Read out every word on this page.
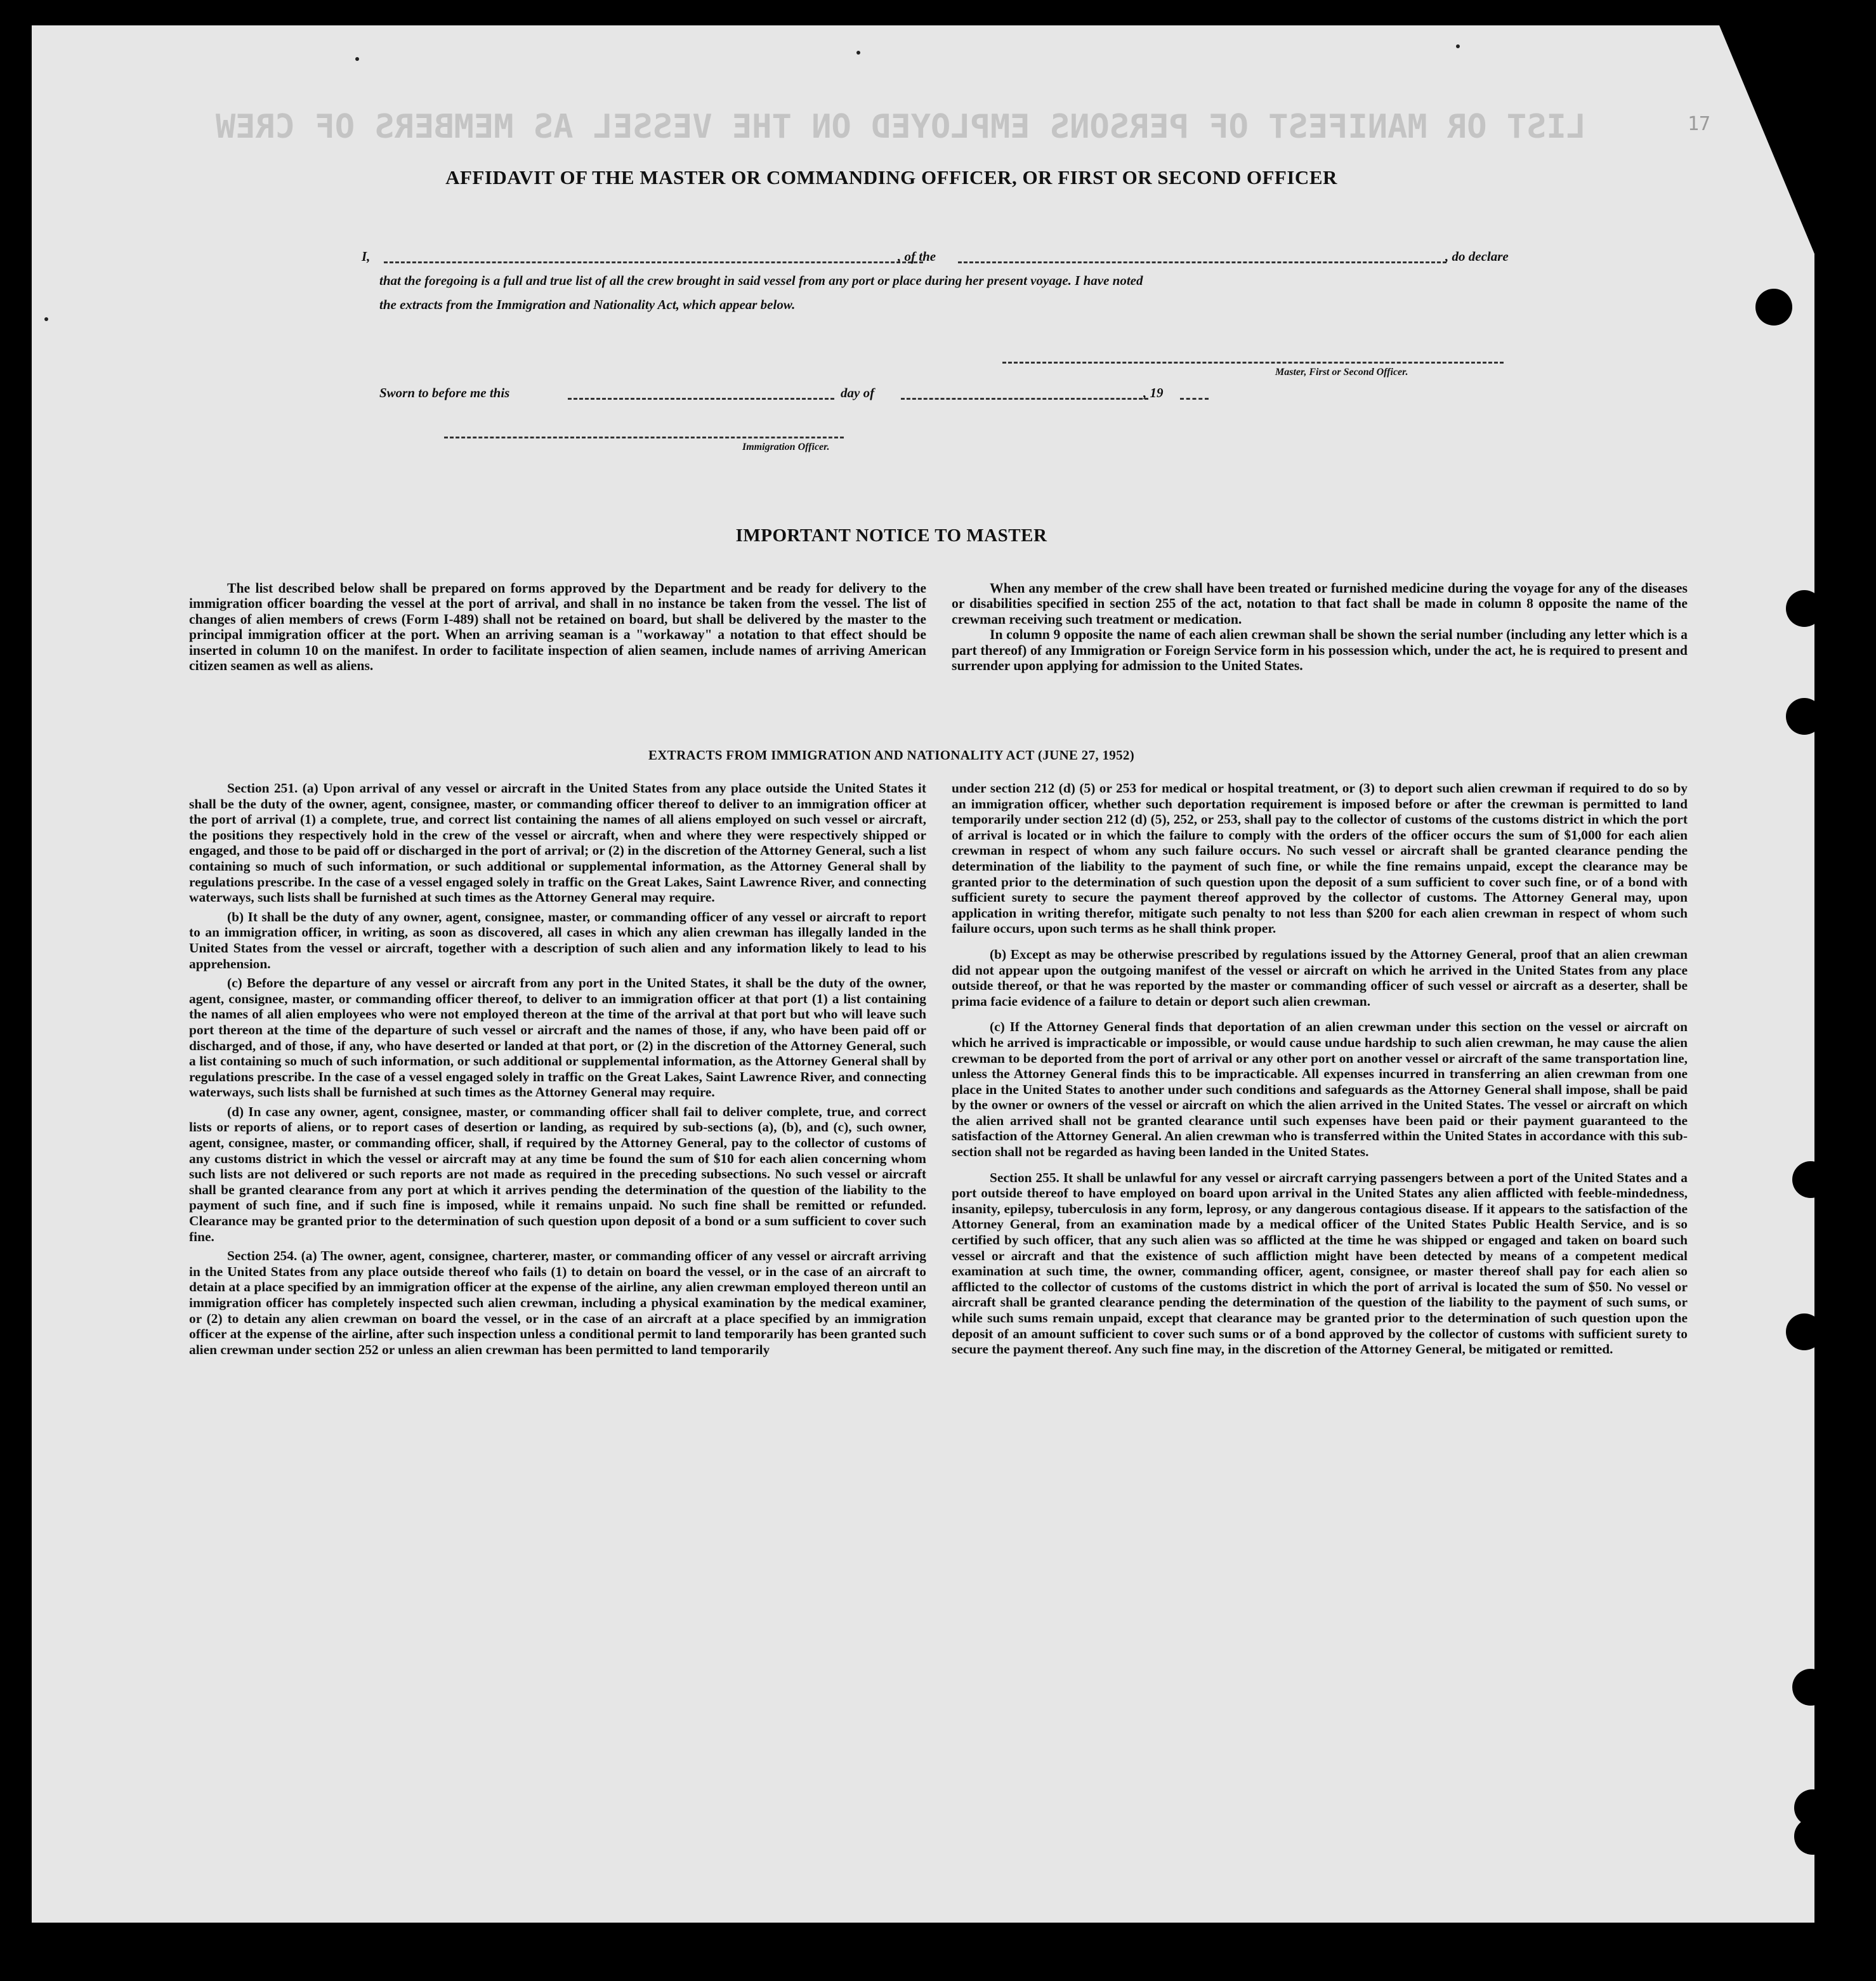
LIST OR MANIFEST OF PERSONS EMPLOYED ON THE VESSEL AS MEMBERS OF CREW	17
AFFIDAVIT OF THE MASTER OR COMMANDING OFFICER, OR FIRST OR SECOND OFFICER
I,	, of the	, do declare
that the foregoing is a full and true list of all the crew brought in said vessel from any port or place during her present voyage. I have noted
the extracts from the Immigration and Nationality Act, which appear below.
Master, First or Second Officer.
Sworn to before me this	day of	, 19
Immigration Officer.
IMPORTANT NOTICE TO MASTER

The list described below shall be prepared on forms approved by the Department and be ready for delivery to the immigration officer boarding the vessel at the port of arrival, and shall in no instance be taken from the vessel. The list of changes of alien members of crews (Form I-489) shall not be retained on board, but shall be delivered by the master to the principal immigration officer at the port. When an arriving seaman is a "workaway" a notation to that effect should be inserted in column 10 on the manifest. In order to facilitate inspection of alien seamen, include names of arriving American citizen seamen as well as aliens.

When any member of the crew shall have been treated or furnished medicine during the voyage for any of the diseases or disabilities specified in section 255 of the act, notation to that fact shall be made in column 8 opposite the name of the crewman receiving such treatment or medication.

In column 9 opposite the name of each alien crewman shall be shown the serial number (including any letter which is a part thereof) of any Immigration or Foreign Service form in his possession which, under the act, he is required to present and surrender upon applying for admission to the United States.

EXTRACTS FROM IMMIGRATION AND NATIONALITY ACT (JUNE 27, 1952)

Section 251. (a) Upon arrival of any vessel or aircraft in the United States from any place outside the United States it shall be the duty of the owner, agent, consignee, master, or commanding officer thereof to deliver to an immigration officer at the port of arrival (1) a complete, true, and correct list containing the names of all aliens employed on such vessel or aircraft, the positions they respectively hold in the crew of the vessel or aircraft, when and where they were respectively shipped or engaged, and those to be paid off or discharged in the port of arrival; or (2) in the discretion of the Attorney General, such a list containing so much of such information, or such additional or supplemental information, as the Attorney General shall by regulations prescribe. In the case of a vessel engaged solely in traffic on the Great Lakes, Saint Lawrence River, and connecting waterways, such lists shall be furnished at such times as the Attorney General may require.

(b) It shall be the duty of any owner, agent, consignee, master, or commanding officer of any vessel or aircraft to report to an immigration officer, in writing, as soon as discovered, all cases in which any alien crewman has illegally landed in the United States from the vessel or aircraft, together with a description of such alien and any information likely to lead to his apprehension.

(c) Before the departure of any vessel or aircraft from any port in the United States, it shall be the duty of the owner, agent, consignee, master, or commanding officer thereof, to deliver to an immigration officer at that port (1) a list containing the names of all alien employees who were not employed thereon at the time of the arrival at that port but who will leave such port thereon at the time of the departure of such vessel or aircraft and the names of those, if any, who have been paid off or discharged, and of those, if any, who have deserted or landed at that port, or (2) in the discretion of the Attorney General, such a list containing so much of such information, or such additional or supplemental information, as the Attorney General shall by regulations prescribe. In the case of a vessel engaged solely in traffic on the Great Lakes, Saint Lawrence River, and connecting waterways, such lists shall be furnished at such times as the Attorney General may require.

(d) In case any owner, agent, consignee, master, or commanding officer shall fail to deliver complete, true, and correct lists or reports of aliens, or to report cases of desertion or landing, as required by sub-sections (a), (b), and (c), such owner, agent, consignee, master, or commanding officer, shall, if required by the Attorney General, pay to the collector of customs of any customs district in which the vessel or aircraft may at any time be found the sum of $10 for each alien concerning whom such lists are not delivered or such reports are not made as required in the preceding subsections. No such vessel or aircraft shall be granted clearance from any port at which it arrives pending the determination of the question of the liability to the payment of such fine, and if such fine is imposed, while it remains unpaid. No such fine shall be remitted or refunded. Clearance may be granted prior to the determination of such question upon deposit of a bond or a sum sufficient to cover such fine.

Section 254. (a) The owner, agent, consignee, charterer, master, or commanding officer of any vessel or aircraft arriving in the United States from any place outside thereof who fails (1) to detain on board the vessel, or in the case of an aircraft to detain at a place specified by an immigration officer at the expense of the airline, any alien crewman employed thereon until an immigration officer has completely inspected such alien crewman, including a physical examination by the medical examiner, or (2) to detain any alien crewman on board the vessel, or in the case of an aircraft at a place specified by an immigration officer at the expense of the airline, after such inspection unless a conditional permit to land temporarily has been granted such alien crewman under section 252 or unless an alien crewman has been permitted to land temporarily

under section 212 (d) (5) or 253 for medical or hospital treatment, or (3) to deport such alien crewman if required to do so by an immigration officer, whether such deportation requirement is imposed before or after the crewman is permitted to land temporarily under section 212 (d) (5), 252, or 253, shall pay to the collector of customs of the customs district in which the port of arrival is located or in which the failure to comply with the orders of the officer occurs the sum of $1,000 for each alien crewman in respect of whom any such failure occurs. No such vessel or aircraft shall be granted clearance pending the determination of the liability to the payment of such fine, or while the fine remains unpaid, except the clearance may be granted prior to the determination of such question upon the deposit of a sum sufficient to cover such fine, or of a bond with sufficient surety to secure the payment thereof approved by the collector of customs. The Attorney General may, upon application in writing therefor, mitigate such penalty to not less than $200 for each alien crewman in respect of whom such failure occurs, upon such terms as he shall think proper.

(b) Except as may be otherwise prescribed by regulations issued by the Attorney General, proof that an alien crewman did not appear upon the outgoing manifest of the vessel or aircraft on which he arrived in the United States from any place outside thereof, or that he was reported by the master or commanding officer of such vessel or aircraft as a deserter, shall be prima facie evidence of a failure to detain or deport such alien crewman.

(c) If the Attorney General finds that deportation of an alien crewman under this section on the vessel or aircraft on which he arrived is impracticable or impossible, or would cause undue hardship to such alien crewman, he may cause the alien crewman to be deported from the port of arrival or any other port on another vessel or aircraft of the same transportation line, unless the Attorney General finds this to be impracticable. All expenses incurred in transferring an alien crewman from one place in the United States to another under such conditions and safeguards as the Attorney General shall impose, shall be paid by the owner or owners of the vessel or aircraft on which the alien arrived in the United States. The vessel or aircraft on which the alien arrived shall not be granted clearance until such expenses have been paid or their payment guaranteed to the satisfaction of the Attorney General. An alien crewman who is transferred within the United States in accordance with this sub-section shall not be regarded as having been landed in the United States.

Section 255. It shall be unlawful for any vessel or aircraft carrying passengers between a port of the United States and a port outside thereof to have employed on board upon arrival in the United States any alien afflicted with feeble-mindedness, insanity, epilepsy, tuberculosis in any form, leprosy, or any dangerous contagious disease. If it appears to the satisfaction of the Attorney General, from an examination made by a medical officer of the United States Public Health Service, and is so certified by such officer, that any such alien was so afflicted at the time he was shipped or engaged and taken on board such vessel or aircraft and that the existence of such affliction might have been detected by means of a competent medical examination at such time, the owner, commanding officer, agent, consignee, or master thereof shall pay for each alien so afflicted to the collector of customs of the customs district in which the port of arrival is located the sum of $50. No vessel or aircraft shall be granted clearance pending the determination of the question of the liability to the payment of such sums, or while such sums remain unpaid, except that clearance may be granted prior to the determination of such question upon the deposit of an amount sufficient to cover such sums or of a bond approved by the collector of customs with sufficient surety to secure the payment thereof. Any such fine may, in the discretion of the Attorney General, be mitigated or remitted.
